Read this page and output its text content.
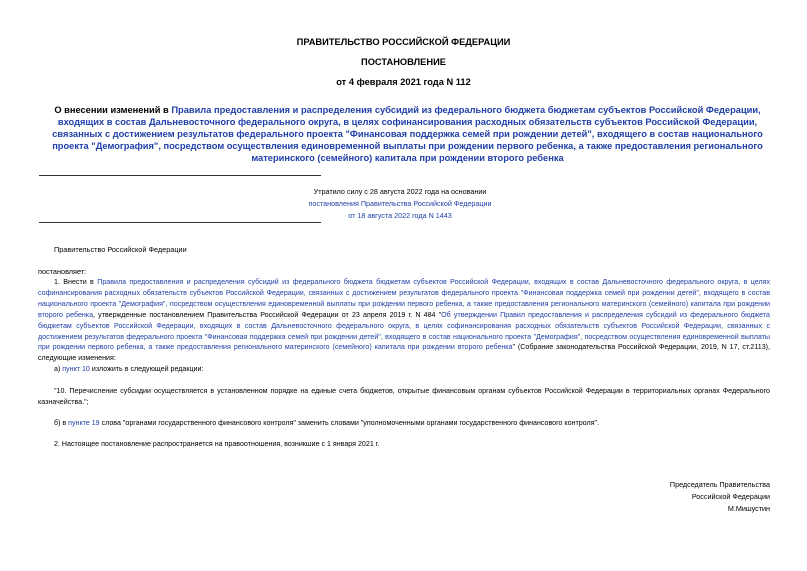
ПРАВИТЕЛЬСТВО РОССИЙСКОЙ ФЕДЕРАЦИИ
ПОСТАНОВЛЕНИЕ
от 4 февраля 2021 года N 112
О внесении изменений в Правила предоставления и распределения субсидий из федерального бюджета бюджетам субъектов Российской Федерации, входящих в состав Дальневосточного федерального округа, в целях софинансирования расходных обязательств субъектов Российской Федерации, связанных с достижением результатов федерального проекта "Финансовая поддержка семей при рождении детей", входящего в состав национального проекта "Демография", посредством осуществления единовременной выплаты при рождении первого ребенка, а также предоставления регионального материнского (семейного) капитала при рождении второго ребенка
Утратило силу с 28 августа 2022 года на основании
постановления Правительства Российской Федерации
от 18 августа 2022 года N 1443
Правительство Российской Федерации
постановляет:
1. Внести в Правила предоставления и распределения субсидий из федерального бюджета бюджетам субъектов Российской Федерации, входящих в состав Дальневосточного федерального округа, в целях софинансирования расходных обязательств субъектов Российской Федерации, связанных с достижением результатов федерального проекта "Финансовая поддержка семей при рождении детей", входящего в состав национального проекта "Демография", посредством осуществления единовременной выплаты при рождении первого ребенка, а также предоставления регионального материнского (семейного) капитала при рождении второго ребенка, утвержденные постановлением Правительства Российской Федерации от 23 апреля 2019 г. N 484 "Об утверждении Правил предоставления и распределения субсидий из федерального бюджета бюджетам субъектов Российской Федерации, входящих в состав Дальневосточного федерального округа, в целях софинансирования расходных обязательств субъектов Российской Федерации, связанных с достижением результатов федерального проекта "Финансовая поддержка семей при рождении детей", входящего в состав национального проекта "Демография", посредством осуществления единовременной выплаты при рождении первого ребенка, а также предоставления регионального материнского (семейного) капитала при рождении второго ребенка" (Собрание законодательства Российской Федерации, 2019, N 17, ст.2113), следующие изменения:
а) пункт 10 изложить в следующей редакции:
"10. Перечисление субсидии осуществляется в установленном порядке на единые счета бюджетов, открытые финансовым органам субъектов Российской Федерации в территориальных органах Федерального казначейства.";
б) в пункте 19 слова "органами государственного финансового контроля" заменить словами "уполномоченными органами государственного финансового контроля".
2. Настоящее постановление распространяется на правоотношения, возникшие с 1 января 2021 г.
Председатель Правительства
Российской Федерации
М.Мишустин
